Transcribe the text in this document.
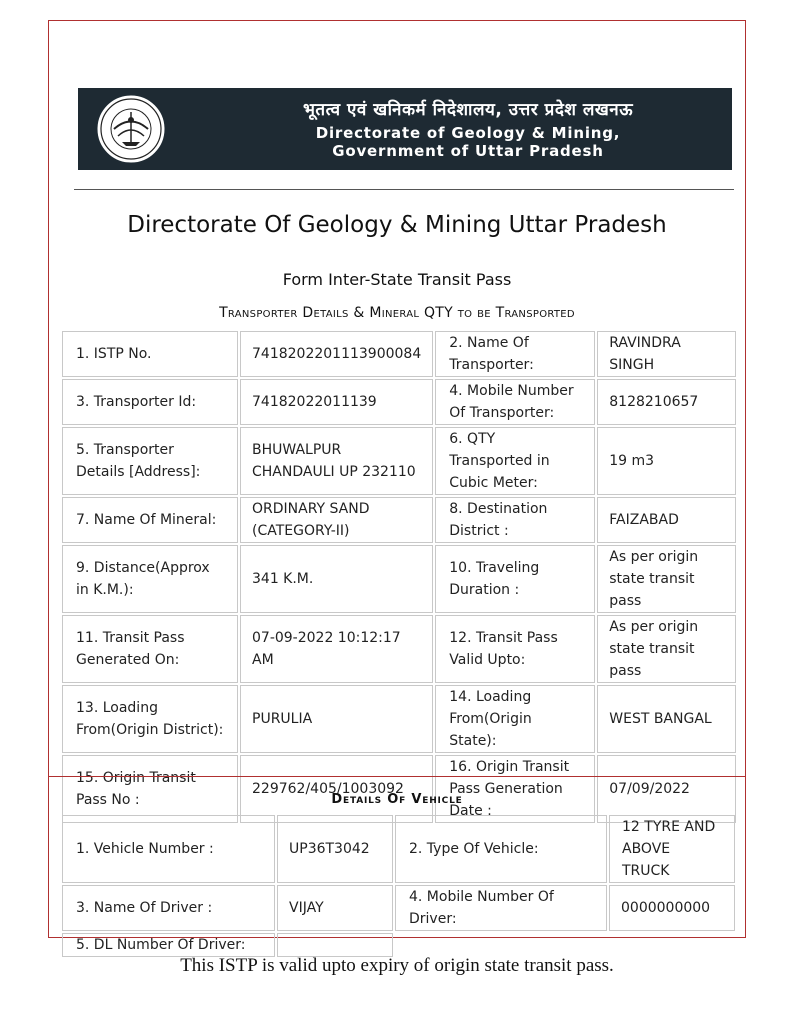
भूतत्व एवं खनिकर्म निदेशालय, उत्तर प्रदेश लखनऊ
Directorate of Geology & Mining,
Government of Uttar Pradesh
Directorate Of Geology & Mining Uttar Pradesh
Form Inter-State Transit Pass
Transporter Details & Mineral QTY to be Transported
1. ISTP No.	7418202201113900084	2. Name Of Transporter:	RAVINDRA SINGH
3. Transporter Id:	74182022011139	4. Mobile Number Of Transporter:	8128210657
5. Transporter Details [Address]:	BHUWALPUR CHANDAULI UP 232110	6. QTY Transported in Cubic Meter:	19 m3
7. Name Of Mineral:	ORDINARY SAND (CATEGORY-II)	8. Destination District :	FAIZABAD
9. Distance(Approx in K.M.):	341 K.M.	10. Traveling Duration :	As per origin state transit pass
11. Transit Pass Generated On:	07-09-2022 10:12:17 AM	12. Transit Pass Valid Upto:	As per origin state transit pass
13. Loading From(Origin District):	PURULIA	14. Loading From(Origin State):	WEST BANGAL
15. Origin Transit Pass No :	229762/405/1003092	16. Origin Transit Pass Generation Date :	07/09/2022
Details Of Vehicle
1. Vehicle Number :	UP36T3042	2. Type Of Vehicle:	12 TYRE AND ABOVE TRUCK
3. Name Of Driver :	VIJAY	4. Mobile Number Of Driver:	0000000000
5. DL Number Of Driver:			
This ISTP is valid upto expiry of origin state transit pass.
